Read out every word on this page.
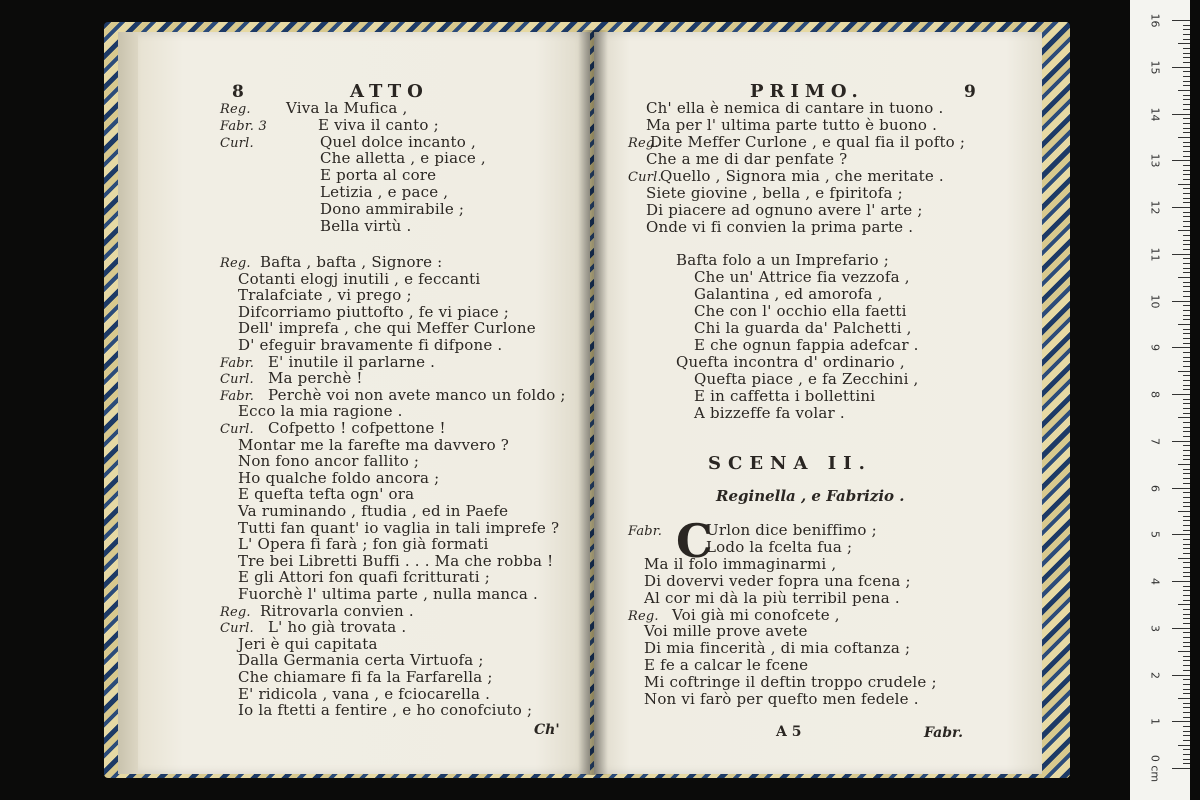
8	ATTO
Reg. Viva la Mufica ,
Fabr. 3	E viva il canto ;
Curl.	Quel dolce incanto ,
Che alletta , e piace ,
E porta al core
Letizia , e pace ,
Dono ammirabile ;
Bella virtù .
Reg. Bafta , bafta , Signore :
Cotanti elogj inutili , e feccanti
Tralafciate , vi prego ;
Difcorriamo piuttofto , fe vi piace ;
Dell' imprefa , che qui Meffer Curlone
D' efeguir bravamente fi difpone .
Fabr. E' inutile il parlarne .
Curl. Ma perchè !
Fabr. Perchè voi non avete manco un foldo ;
Ecco la mia ragione .
Curl. Cofpetto ! cofpettone !
Montar me la farefte ma davvero ?
Non fono ancor fallito ;
Ho qualche foldo ancora ;
E quefta tefta ogn' ora
Va ruminando , ftudia , ed in Paefe
Tutti fan quant' io vaglia in tali imprefe ?
L' Opera fi farà ; fon già formati
Tre bei Libretti Buffi . . . Ma che robba !
E gli Attori fon quafi fcritturati ;
Fuorchè l' ultima parte , nulla manca .
Reg. Ritrovarla convien .
Curl. L' ho già trovata .
Jeri è qui capitata
Dalla Germania certa Virtuofa ;
Che chiamare fi fa la Farfarella ;
E' ridicola , vana , e fciocarella .
Io la ftetti a fentire , e ho conofciuto ;
Ch'
PRIMO.	9
Ch' ella è nemica di cantare in tuono .
Ma per l' ultima parte tutto è buono .
Reg.
Dite Meffer Curlone , e qual fia il pofto ;
Che a me di dar penfate ?
Curl.
Quello , Signora mia , che meritate .
Siete giovine , bella , e fpiritofa ;
Di piacere ad ognuno avere l' arte ;
Onde vi fi convien la prima parte .
Bafta folo a un Imprefario ;
Che un' Attrice fia vezzofa ,
Galantina , ed amorofa ,
Che con l' occhio ella faetti
Chi la guarda da' Palchetti ,
E che ognun fappia adefcar .
Quefta incontra d' ordinario ,
Quefta piace , e fa Zecchini ,
E in caffetta i bollettini
A bizzeffe fa volar .
SCENA II.
Reginella , e Fabrizio .
C
Fabr.	Urlon dice beniffimo ;
Lodo la fcelta fua ;
Ma il folo immaginarmi ,
Di dovervi veder fopra una fcena ;
Al cor mi dà la più terribil pena .
Reg. Voi già mi conofcete ,
Voi mille prove avete
Di mia fincerità , di mia coftanza ;
E fe a calcar le fcene
Mi coftringe il deftin troppo crudele ;
Non vi farò per quefto men fedele .
A 5	Fabr.
16
15
14
13
12
11
10
9
8
7
6
5
4
3
2
1
0 cm
